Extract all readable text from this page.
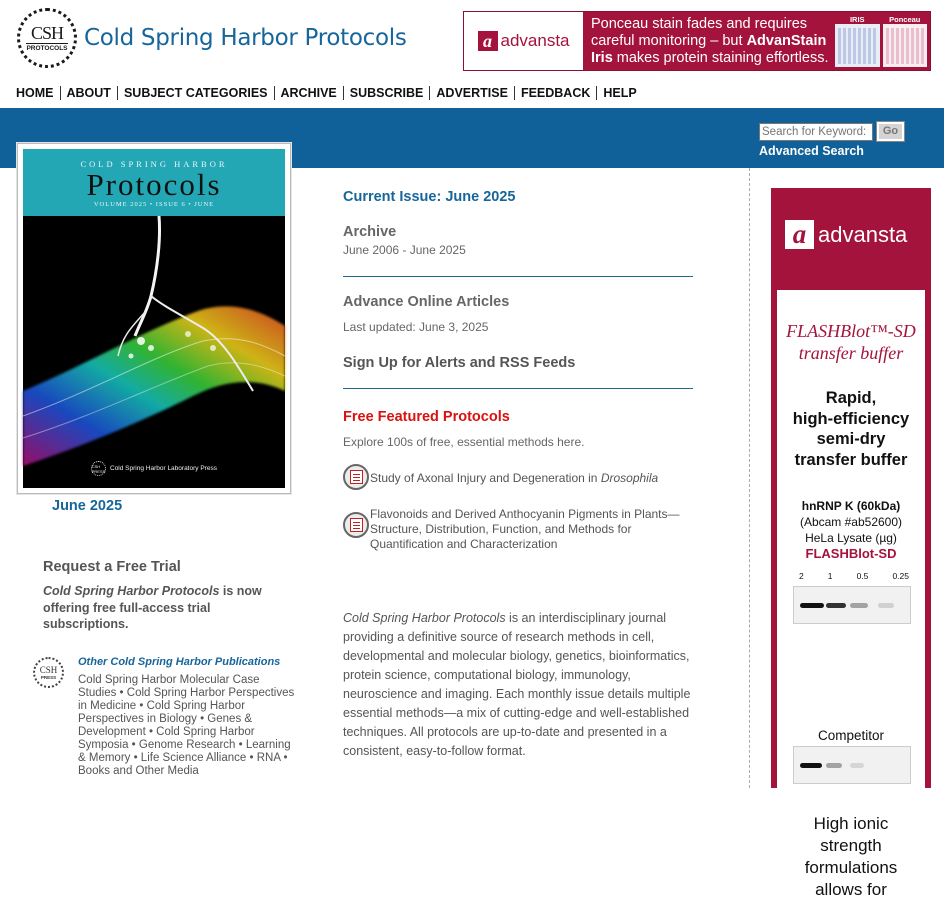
CSH
PROTOCOLS Cold Spring Harbor Protocols	a advansta
Ponceau stain fades and requires
careful monitoring – but AdvanStain
Iris makes protein staining effortless.
IRIS	Ponceau
HOME	ABOUT	SUBJECT CATEGORIES	ARCHIVE	SUBSCRIBE	ADVERTISE	FEEDBACK	HELP
Search for Keyword:
Go
Advanced Search
COLD SPRING HARBOR
Protocols
VOLUME 2025 • ISSUE 6 • JUNE
CSH PRESS Cold Spring Harbor Laboratory Press
June 2025
Request a Free Trial
Cold Spring Harbor Protocols is now offering free full-access trial subscriptions.
CSH
PRESS
Other Cold Spring Harbor Publications
Cold Spring Harbor Molecular Case Studies • Cold Spring Harbor Perspectives in Medicine • Cold Spring Harbor Perspectives in Biology • Genes & Development • Cold Spring Harbor Symposia • Genome Research • Learning & Memory • Life Science Alliance • RNA • Books and Other Media
Current Issue: June 2025
Archive
June 2006 - June 2025
Advance Online Articles
Last updated: June 3, 2025
Sign Up for Alerts and RSS Feeds
Free Featured Protocols
Explore 100s of free, essential methods here.
Study of Axonal Injury and Degeneration in Drosophila
Flavonoids and Derived Anthocyanin Pigments in Plants—Structure, Distribution, Function, and Methods for Quantification and Characterization
Cold Spring Harbor Protocols is an interdisciplinary journal providing a definitive source of research methods in cell, developmental and molecular biology, genetics, bioinformatics, protein science, computational biology, immunology, neuroscience and imaging. Each monthly issue details multiple essential methods—a mix of cutting-edge and well-established techniques. All protocols are up-to-date and presented in a consistent, easy-to-follow format.
a advansta
FLASHBlot™-SD
transfer buffer
Rapid,
high-efficiency
semi-dry
transfer buffer
hnRNP K (60kDa)
(Abcam #ab52600)
HeLa Lysate (µg)
FLASHBlot-SD
2	1	0.5	0.25
Competitor
High ionic
strength
formulations
allows for
